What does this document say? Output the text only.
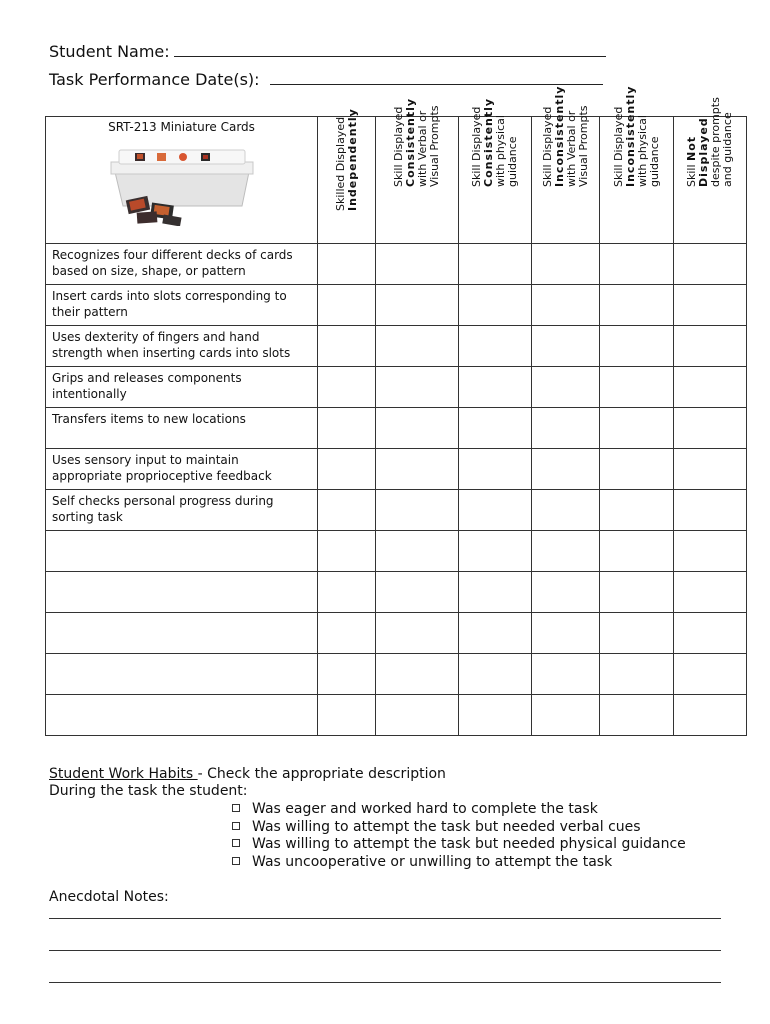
Student Name:
Task Performance Date(s):
SRT-213 Miniature Cards	Skilled Displayed
Independently	Skill Displayed
Consistently
with Verbal or
Visual Prompts	Skill Displayed
Consistently
with physical
guidance	Skill Displayed
Inconsistently
with Verbal or
Visual Prompts	Skill Displayed
Inconsistently
with physical
guidance	Skill Not
Displayed
despite prompts
and guidance

Recognizes four different decks of cards based on size, shape, or pattern						
Insert cards into slots corresponding to their pattern						
Uses dexterity of fingers and hand strength when inserting cards into slots						
Grips and releases components intentionally						
Transfers items to new locations						
Uses sensory input to maintain appropriate proprioceptive feedback						
Self checks personal progress during sorting task						

Student Work Habits - Check the appropriate description
During the task the student:
Was eager and worked hard to complete the task
Was willing to attempt the task but needed verbal cues
Was willing to attempt the task but needed physical guidance
Was uncooperative or unwilling to attempt the task
Anecdotal Notes:
